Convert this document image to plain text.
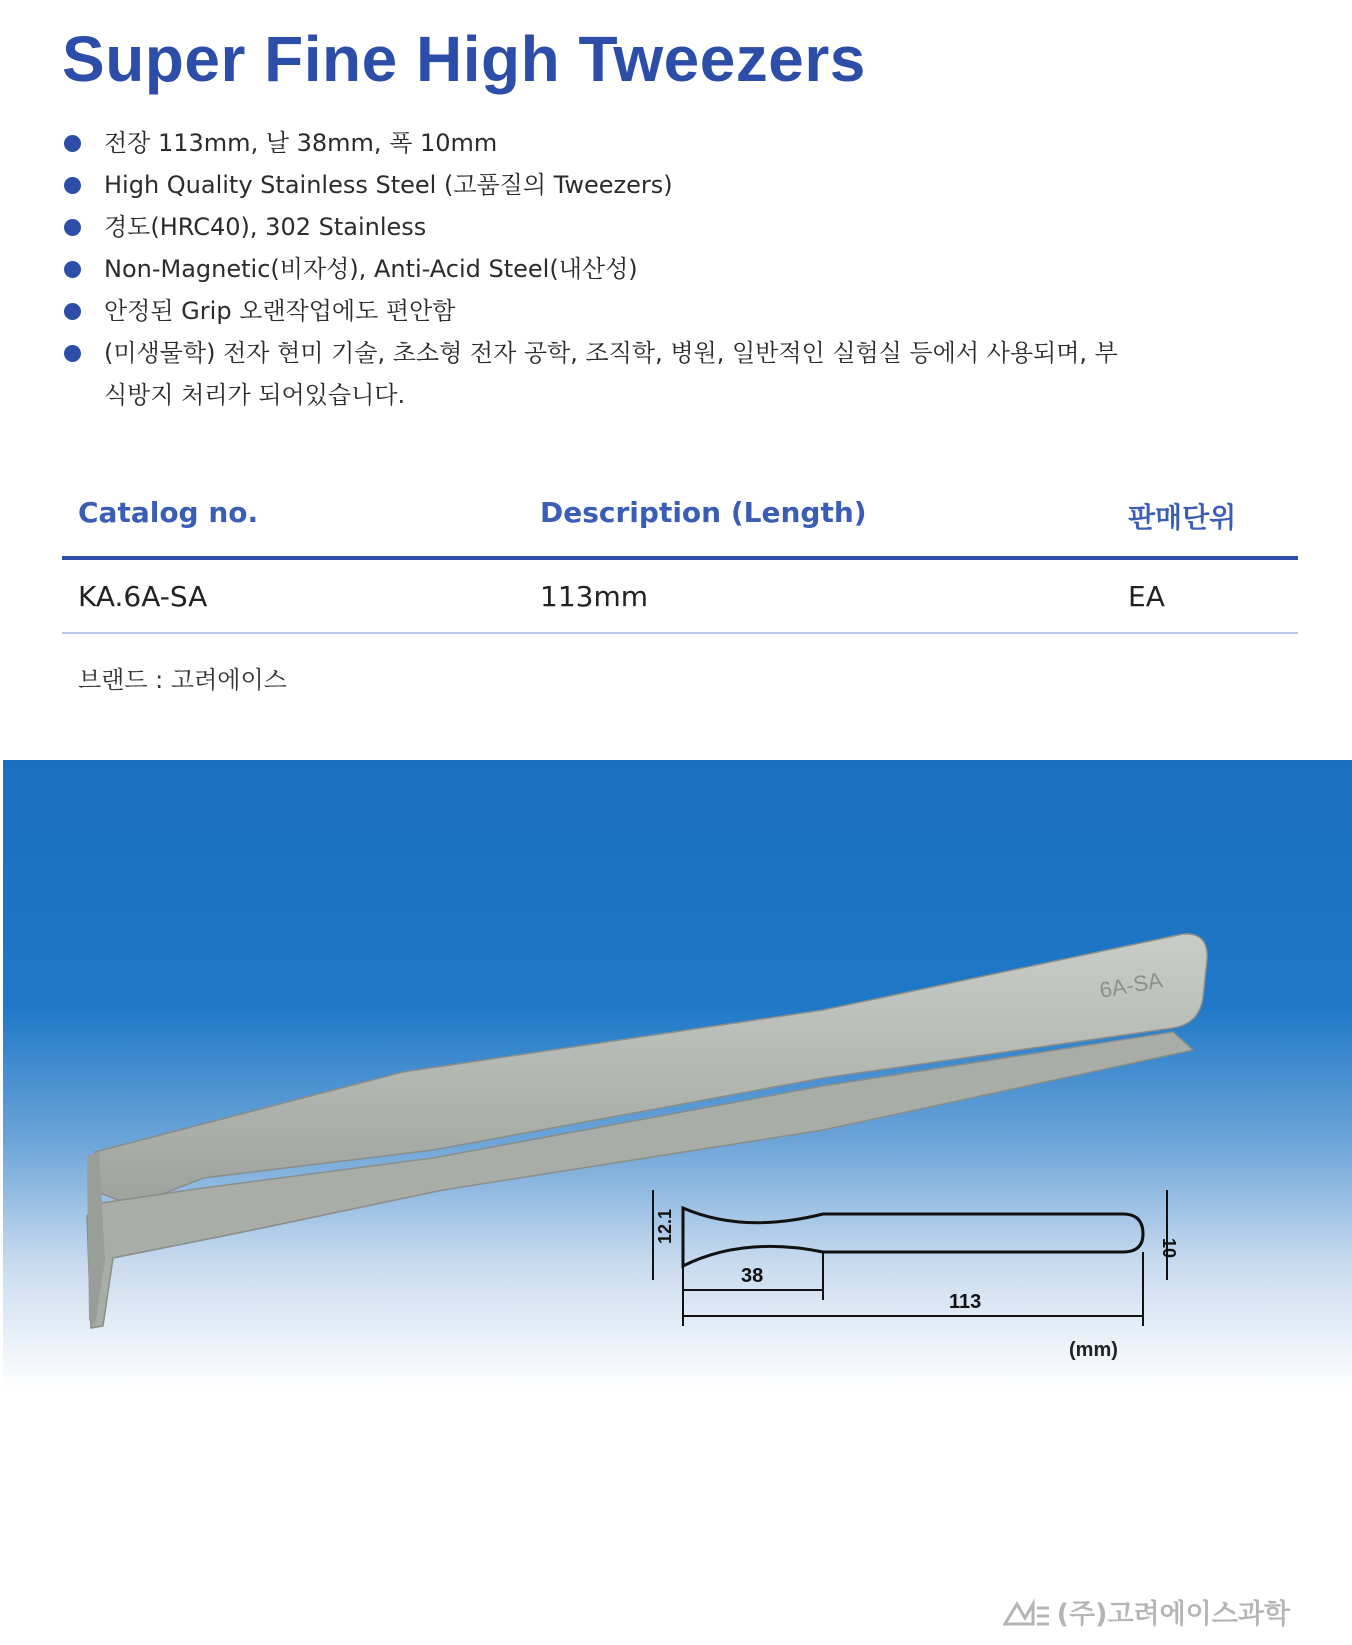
Super Fine High Tweezers
전장 113mm, 날 38mm, 폭 10mm
High Quality Stainless Steel (고품질의 Tweezers)
경도(HRC40), 302 Stainless
Non-Magnetic(비자성), Anti-Acid Steel(내산성)
안정된 Grip 오랜작업에도 편안함
(미생물학) 전자 현미 기술, 초소형 전자 공학, 조직학, 병원, 일반적인 실험실 등에서 사용되며, 부식방지 처리가 되어있습니다.
Catalog no.	Description (Length)	판매단위
KA.6A-SA	113mm	EA
브랜드 : 고려에이스
6A-SA
12.1
38
113
10
(mm)
(주)고려에이스과학
